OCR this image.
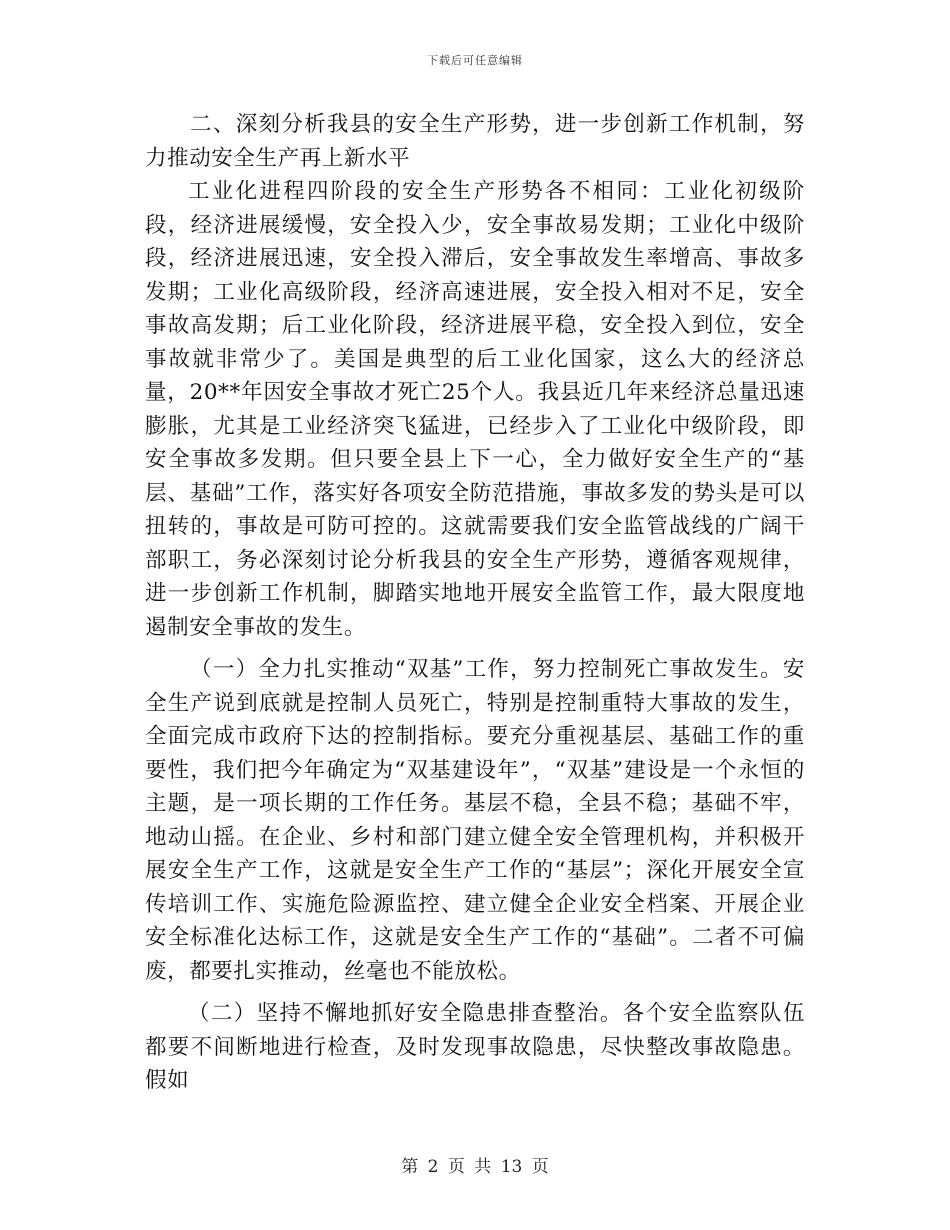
下载后可任意编辑

二、深刻分析我县的安全生产形势，进一步创新工作机制，努力推动安全生产再上新水平

工业化进程四阶段的安全生产形势各不相同：工业化初级阶段，经济进展缓慢，安全投入少，安全事故易发期；工业化中级阶段，经济进展迅速，安全投入滞后，安全事故发生率增高、事故多发期；工业化高级阶段，经济高速进展，安全投入相对不足，安全事故高发期；后工业化阶段，经济进展平稳，安全投入到位，安全事故就非常少了。美国是典型的后工业化国家，这么大的经济总量，20**年因安全事故才死亡25个人。我县近几年来经济总量迅速膨胀，尤其是工业经济突飞猛进，已经步入了工业化中级阶段，即安全事故多发期。但只要全县上下一心，全力做好安全生产的“基层、基础”工作，落实好各项安全防范措施，事故多发的势头是可以扭转的，事故是可防可控的。这就需要我们安全监管战线的广阔干部职工，务必深刻讨论分析我县的安全生产形势，遵循客观规律，进一步创新工作机制，脚踏实地地开展安全监管工作，最大限度地遏制安全事故的发生。

（一）全力扎实推动“双基”工作，努力控制死亡事故发生。安全生产说到底就是控制人员死亡，特别是控制重特大事故的发生，全面完成市政府下达的控制指标。要充分重视基层、基础工作的重要性，我们把今年确定为“双基建设年”，“双基”建设是一个永恒的主题，是一项长期的工作任务。基层不稳，全县不稳；基础不牢，地动山摇。在企业、乡村和部门建立健全安全管理机构，并积极开展安全生产工作，这就是安全生产工作的“基层”；深化开展安全宣传培训工作、实施危险源监控、建立健全企业安全档案、开展企业安全标准化达标工作，这就是安全生产工作的“基础”。二者不可偏废，都要扎实推动，丝毫也不能放松。

（二）坚持不懈地抓好安全隐患排查整治。各个安全监察队伍都要不间断地进行检查，及时发现事故隐患，尽快整改事故隐患。假如

第 2 页 共 13 页
